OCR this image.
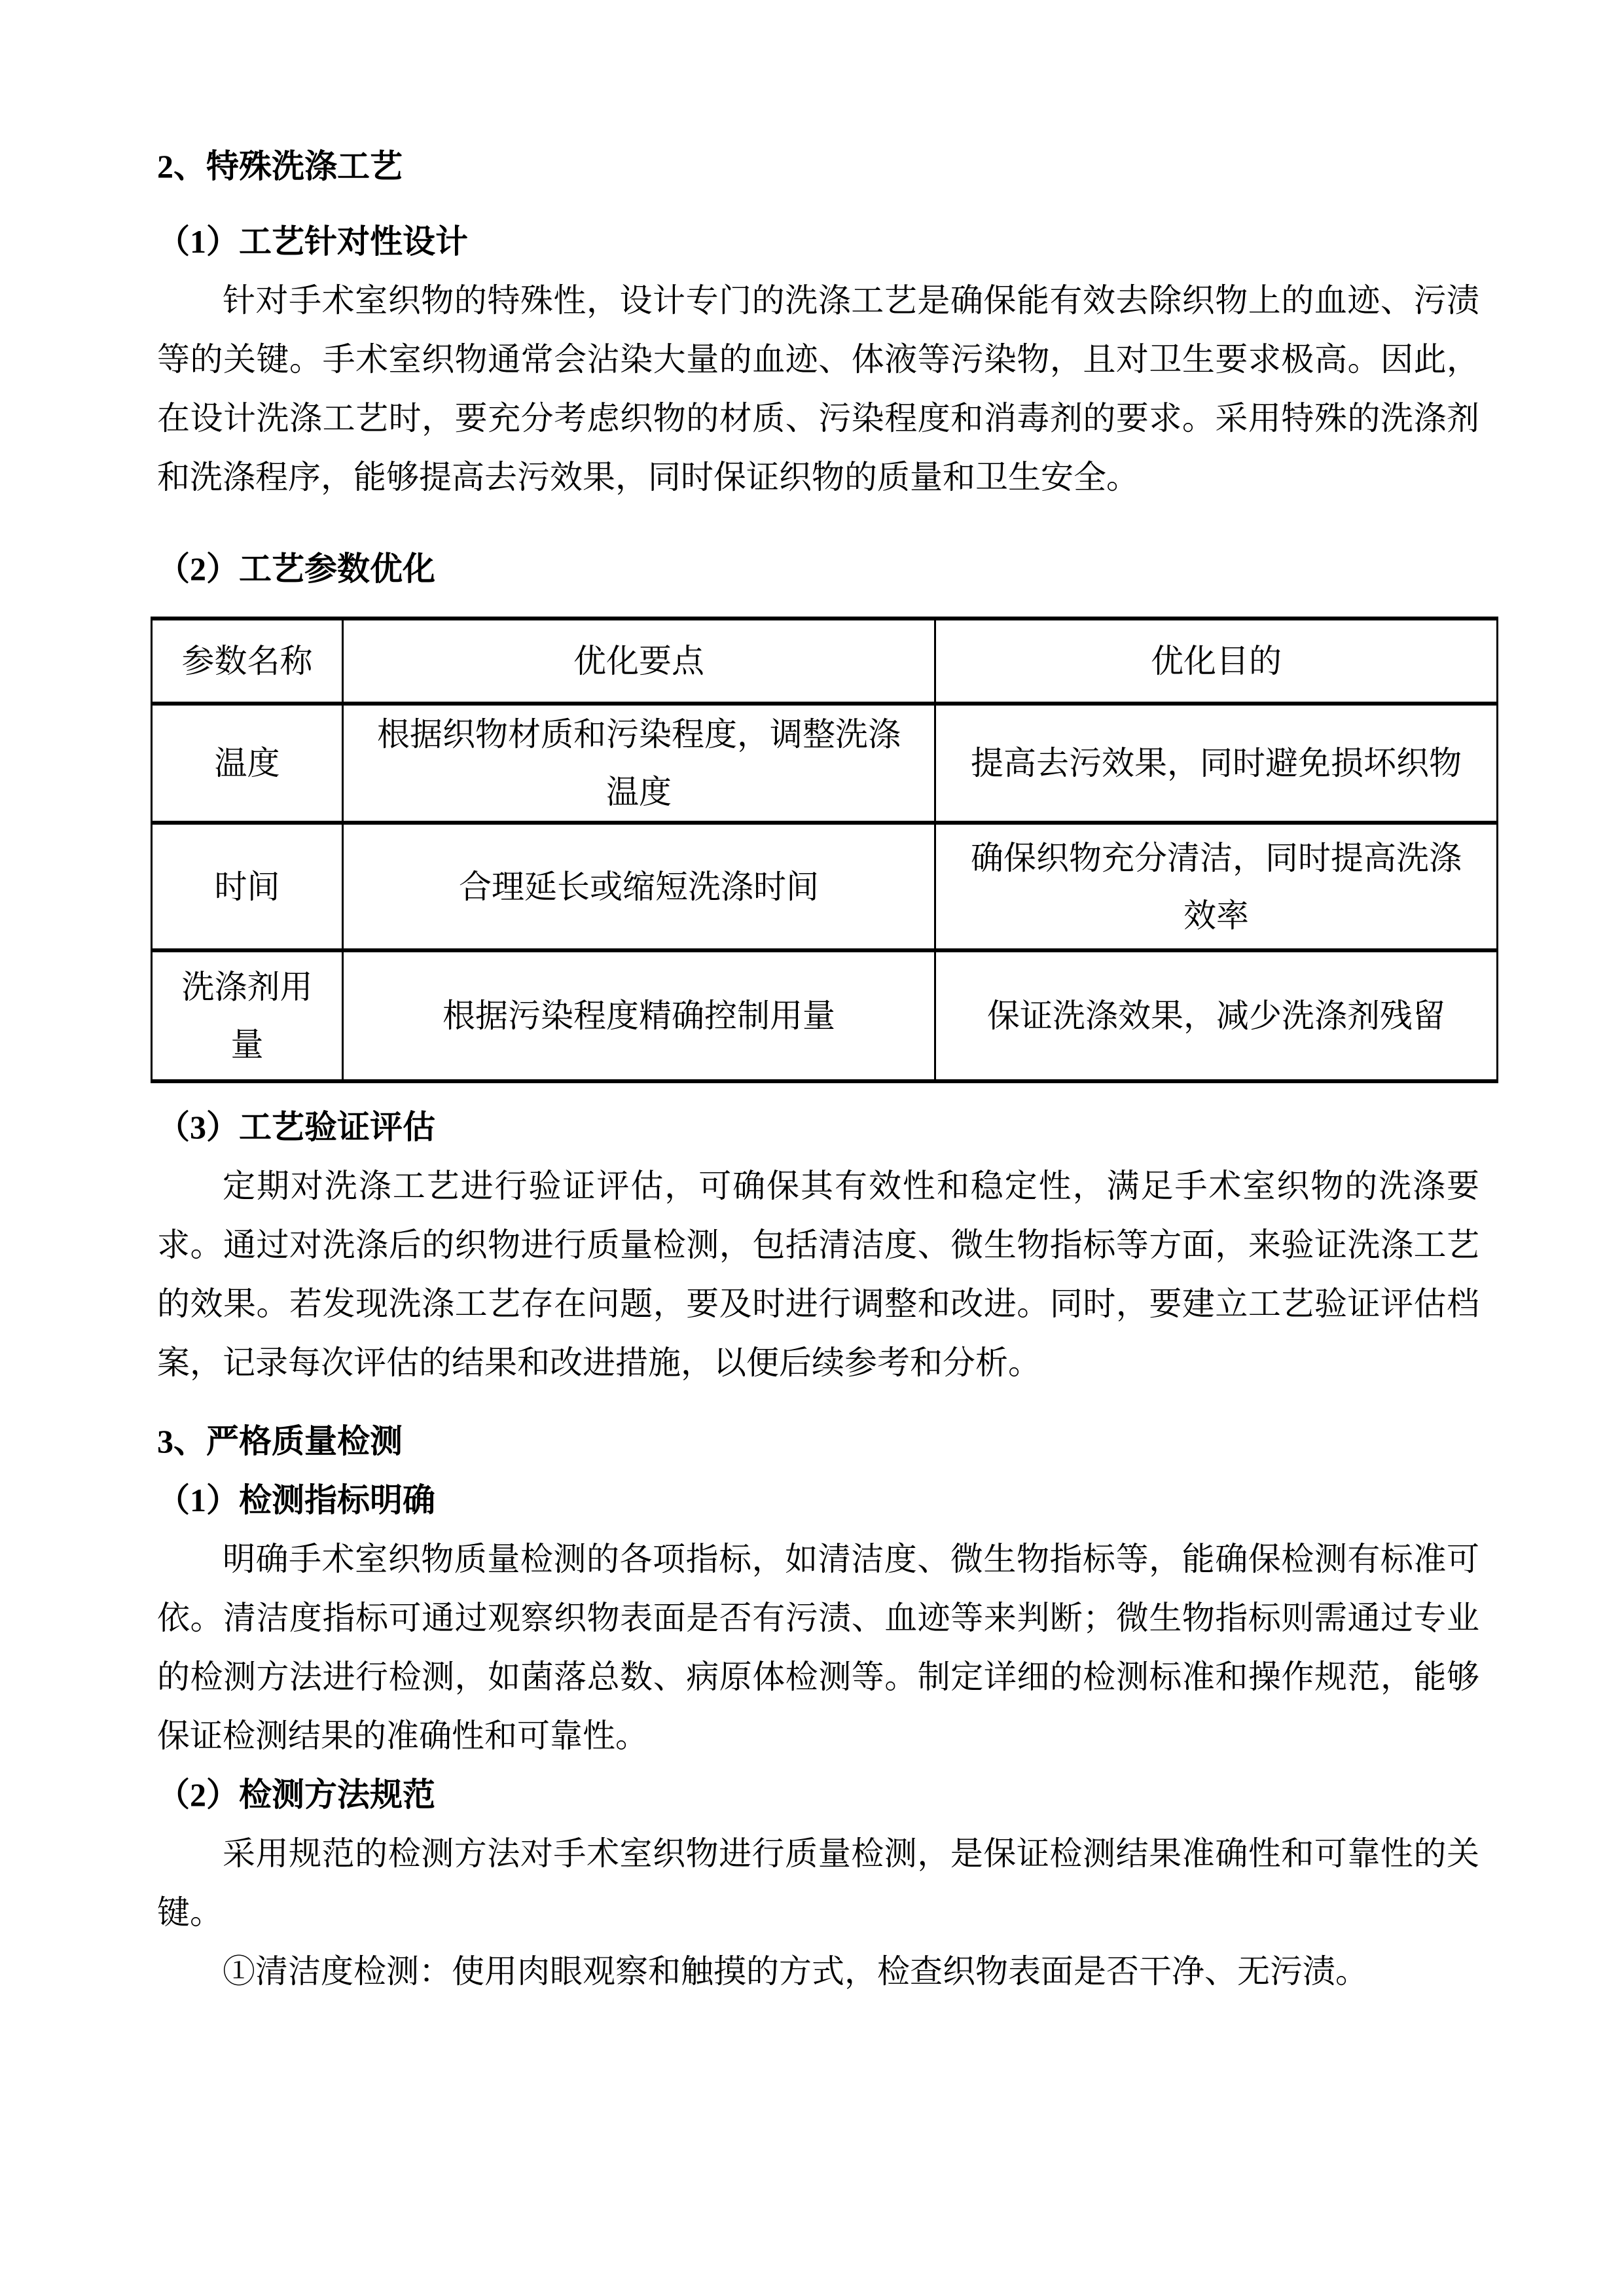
2、特殊洗涤工艺
（1）工艺针对性设计

针对手术室织物的特殊性，设计专门的洗涤工艺是确保能有效去除织物上的血迹、污渍等的关键。手术室织物通常会沾染大量的血迹、体液等污染物，且对卫生要求极高。因此，在设计洗涤工艺时，要充分考虑织物的材质、污染程度和消毒剂的要求。采用特殊的洗涤剂和洗涤程序，能够提高去污效果，同时保证织物的质量和卫生安全。

（2）工艺参数优化
参数名称	优化要点	优化目的
温度	根据织物材质和污染程度，调整洗涤温度	提高去污效果，同时避免损坏织物
时间	合理延长或缩短洗涤时间	确保织物充分清洁，同时提高洗涤效率
洗涤剂用量	根据污染程度精确控制用量	保证洗涤效果，减少洗涤剂残留
（3）工艺验证评估

定期对洗涤工艺进行验证评估，可确保其有效性和稳定性，满足手术室织物的洗涤要求。通过对洗涤后的织物进行质量检测，包括清洁度、微生物指标等方面，来验证洗涤工艺的效果。若发现洗涤工艺存在问题，要及时进行调整和改进。同时，要建立工艺验证评估档案，记录每次评估的结果和改进措施，以便后续参考和分析。

3、严格质量检测
（1）检测指标明确

明确手术室织物质量检测的各项指标，如清洁度、微生物指标等，能确保检测有标准可依。清洁度指标可通过观察织物表面是否有污渍、血迹等来判断；微生物指标则需通过专业的检测方法进行检测，如菌落总数、病原体检测等。制定详细的检测标准和操作规范，能够保证检测结果的准确性和可靠性。

（2）检测方法规范

采用规范的检测方法对手术室织物进行质量检测，是保证检测结果准确性和可靠性的关键。

①清洁度检测：使用肉眼观察和触摸的方式，检查织物表面是否干净、无污渍。
